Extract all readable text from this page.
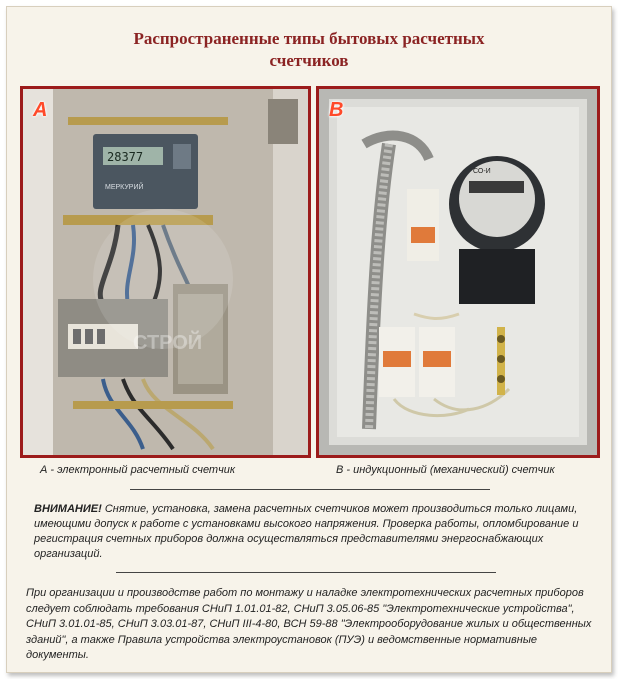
Распространенные типы бытовых расчетных
счетчиков
28377
МЕРКУРИЙ
СТРОЙ
A
СО-И
B
А - электронный расчетный счетчик	В - индукционный (механический) счетчик
ВНИМАНИЕ! Снятие, установка, замена расчетных счетчиков может производиться только лицами, имеющими допуск к работе с установками высокого напряжения. Проверка работы, опломбирование и регистрация счетных приборов должна осуществляться представителями энергоснабжающих организаций.
При организации и производстве работ по монтажу и наладке электротехнических расчетных приборов следует соблюдать требования СНиП 1.01.01-82, СНиП 3.05.06-85 "Электротехнические устройства", СНиП 3.01.01-85, СНиП 3.03.01-87, СНиП III-4-80, ВСН 59-88 "Электрооборудование жилых и общественных зданий", а также Правила устройства электроустановок (ПУЭ) и ведомственные нормативные документы.
